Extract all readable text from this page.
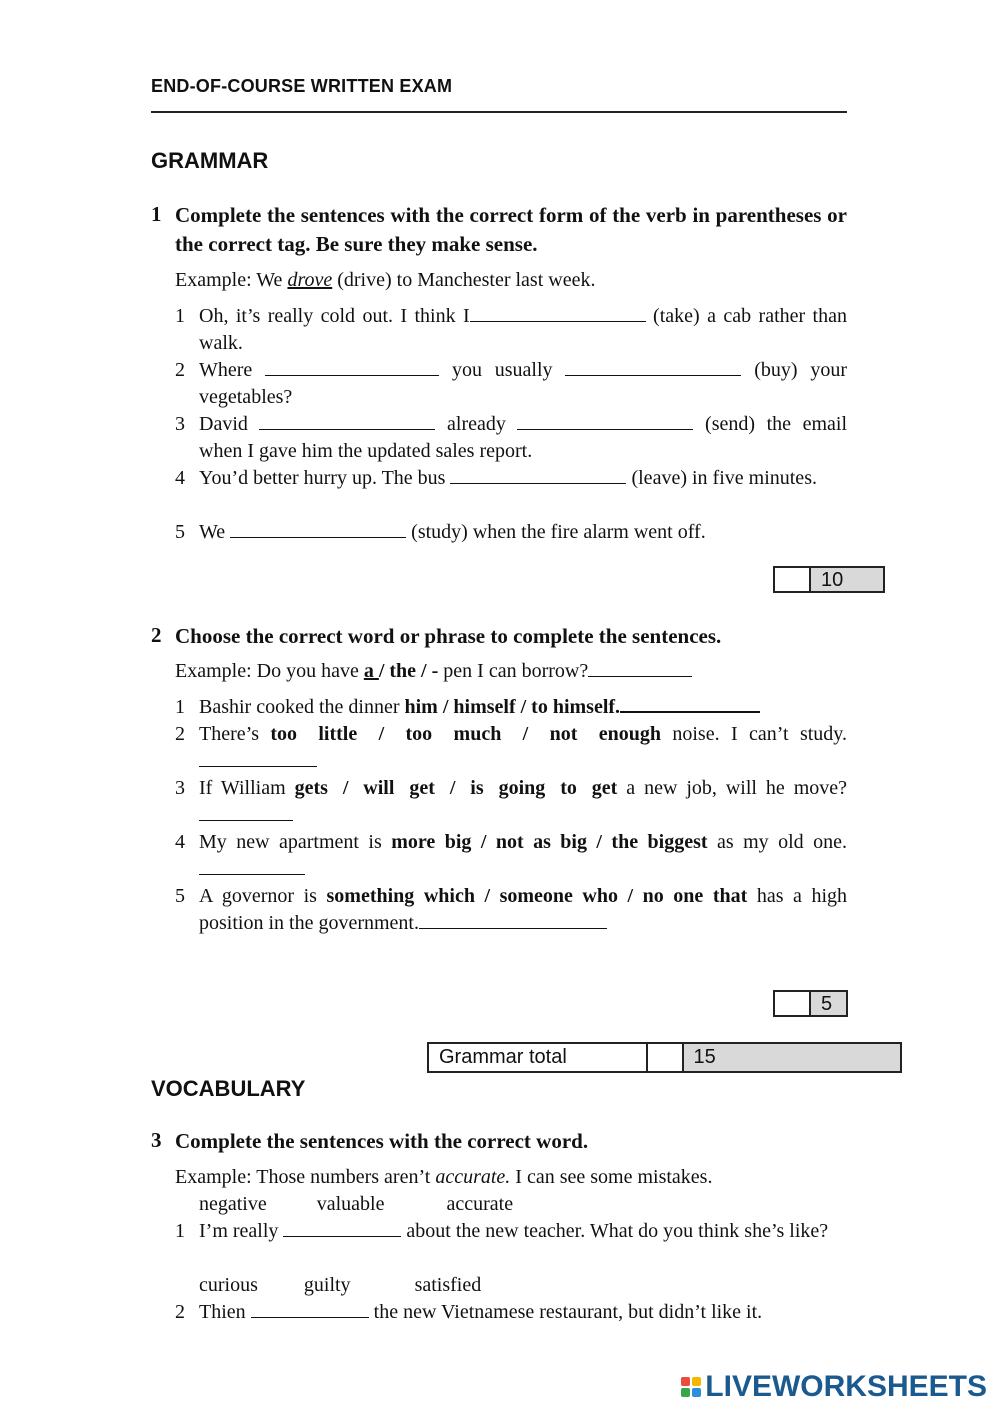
END-OF-COURSE WRITTEN EXAM
GRAMMAR
1 Complete the sentences with the correct form of the verb in parentheses or the correct tag. Be sure they make sense.
Example: We drove (drive) to Manchester last week.
1 Oh, it’s really cold out. I think I	(take) a cab rather than walk.
2 Where	you usually	(buy) your vegetables?
3 David	already	(send) the email when I gave him the updated sales report.
4 You’d better hurry up. The bus	(leave) in five minutes.
5 We	(study) when the fire alarm went off.
10
2 Choose the correct word or phrase to complete the sentences.
Example: Do you have a / the / - pen I can borrow?
1 Bashir cooked the dinner him / himself / to himself.
2 There’s too little / too much / not enough noise. I can’t study.
3 If William gets / will get / is going to get a new job, will he move?
4 My new apartment is more big / not as big / the biggest as my old one.
5 A governor is something which / someone who / no one that has a high position in the government.
5
Grammar total	15
VOCABULARY
3 Complete the sentences with the correct word.
Example: Those numbers aren’t accurate. I can see some mistakes.
negative	valuable	accurate
1 I’m really	about the new teacher. What do you think she’s like?
curious guilty	satisfied
2 Thien	the new Vietnamese restaurant, but didn’t like it.
LIVEWORKSHEETS
